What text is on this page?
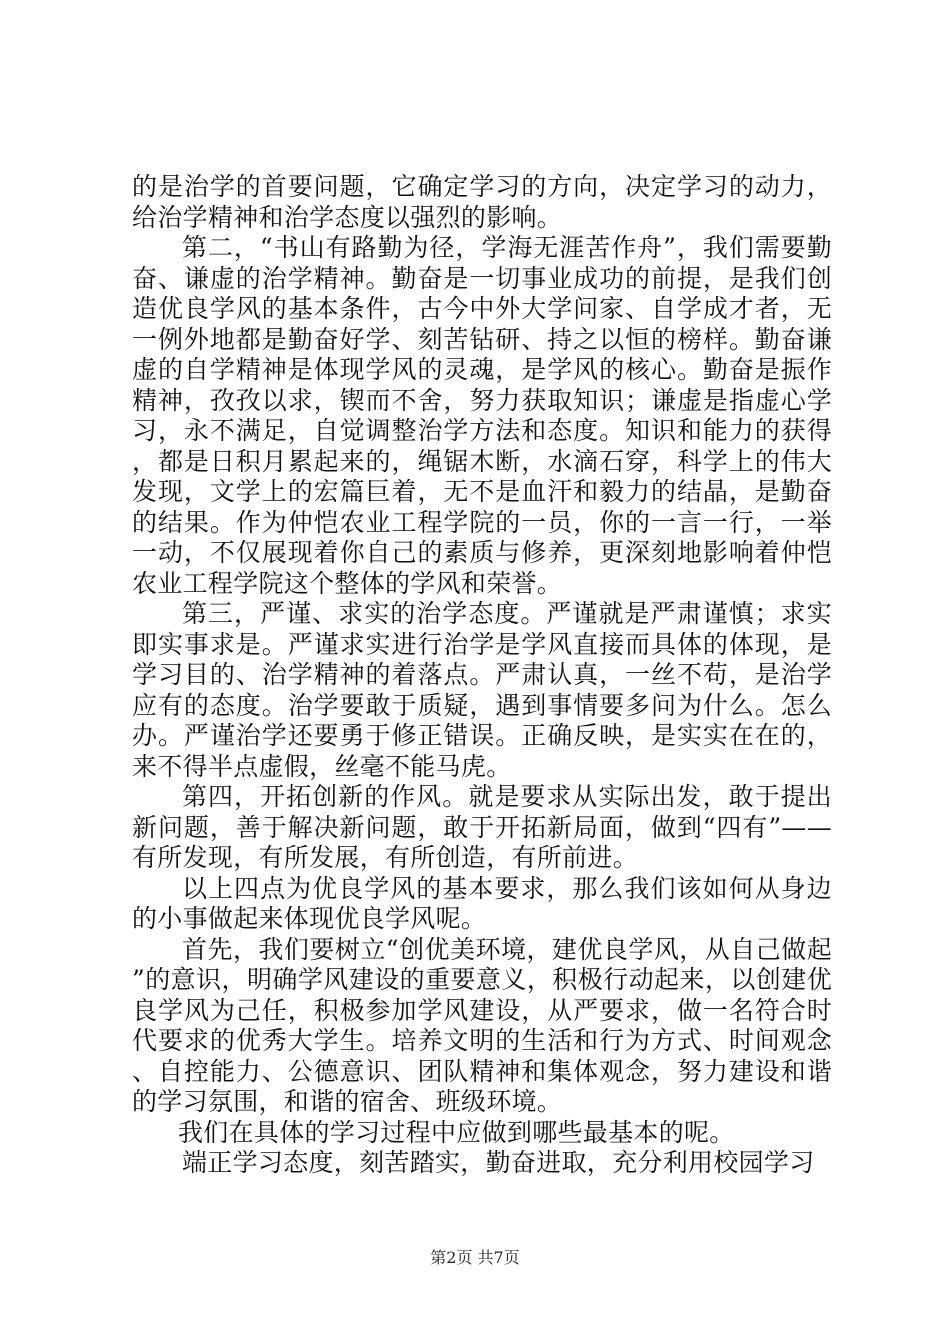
的是治学的首要问题，它确定学习的方向，决定学习的动力，给治学精神和治学态度以强烈的影响。

第二，“书山有路勤为径，学海无涯苦作舟”，我们需要勤奋、谦虚的治学精神。勤奋是一切事业成功的前提，是我们创造优良学风的基本条件，古今中外大学问家、自学成才者，无一例外地都是勤奋好学、刻苦钻研、持之以恒的榜样。勤奋谦虚的自学精神是体现学风的灵魂，是学风的核心。勤奋是振作精神，孜孜以求，锲而不舍，努力获取知识；谦虚是指虚心学习，永不满足，自觉调整治学方法和态度。知识和能力的获得，都是日积月累起来的，绳锯木断，水滴石穿，科学上的伟大发现，文学上的宏篇巨着，无不是血汗和毅力的结晶，是勤奋的结果。作为仲恺农业工程学院的一员，你的一言一行，一举一动，不仅展现着你自己的素质与修养，更深刻地影响着仲恺农业工程学院这个整体的学风和荣誉。

第三，严谨、求实的治学态度。严谨就是严肃谨慎；求实即实事求是。严谨求实进行治学是学风直接而具体的体现，是学习目的、治学精神的着落点。严肃认真，一丝不苟，是治学应有的态度。治学要敢于质疑，遇到事情要多问为什么。怎么办。严谨治学还要勇于修正错误。正确反映，是实实在在的，来不得半点虚假，丝毫不能马虎。

第四，开拓创新的作风。就是要求从实际出发，敢于提出新问题，善于解决新问题，敢于开拓新局面，做到“四有”——有所发现，有所发展，有所创造，有所前进。

以上四点为优良学风的基本要求，那么我们该如何从身边的小事做起来体现优良学风呢。

首先，我们要树立“创优美环境，建优良学风，从自己做起”的意识，明确学风建设的重要意义，积极行动起来，以创建优良学风为己任，积极参加学风建设，从严要求，做一名符合时代要求的优秀大学生。培养文明的生活和行为方式、时间观念、自控能力、公德意识、团队精神和集体观念，努力建设和谐的学习氛围，和谐的宿舍、班级环境。

我们在具体的学习过程中应做到哪些最基本的呢。

端正学习态度，刻苦踏实，勤奋进取，充分利用校园学习

第2页 共7页
